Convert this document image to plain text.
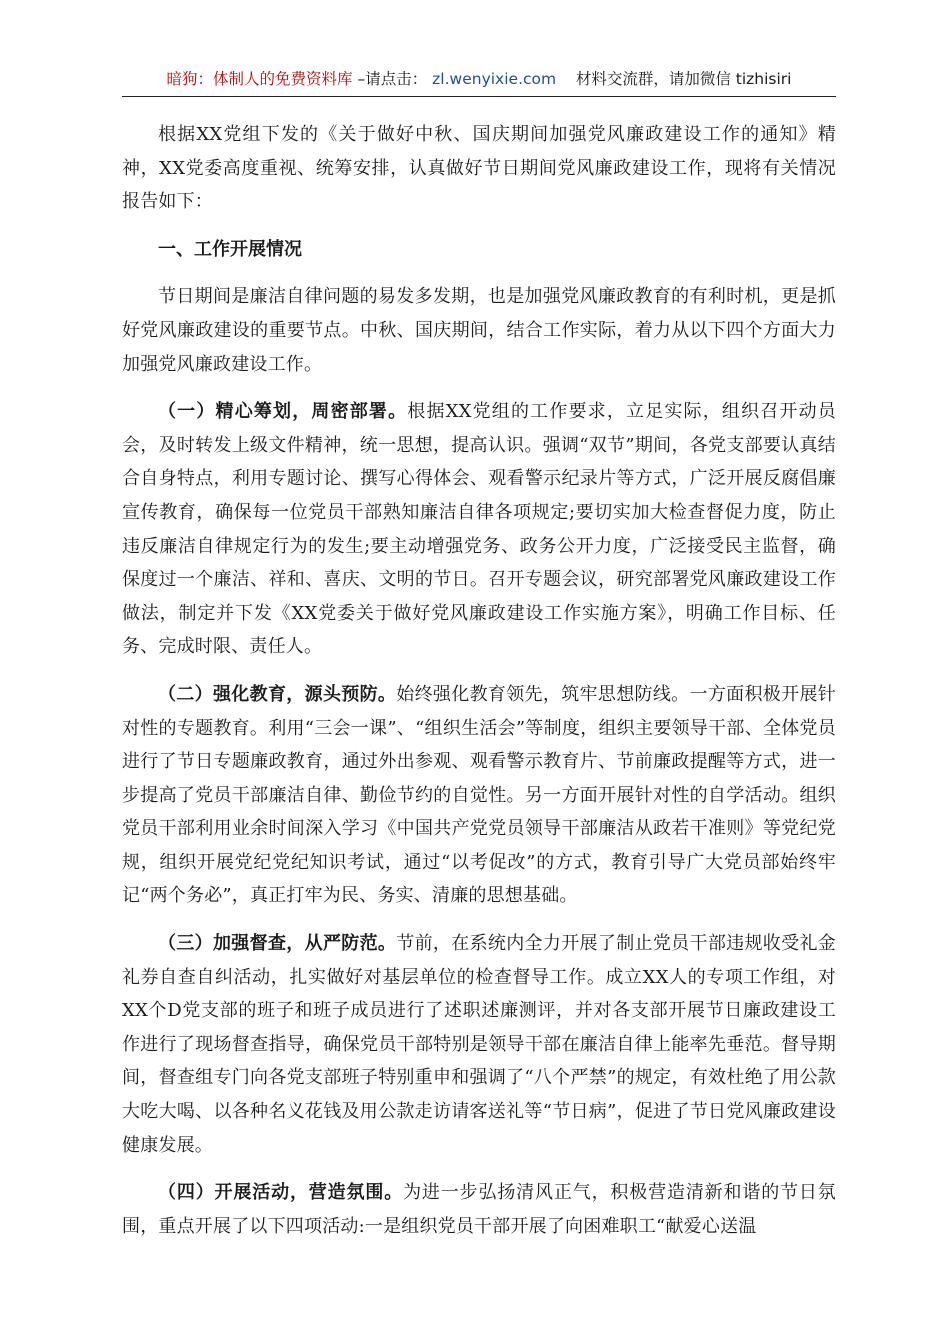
暗狗：体制人的免费资料库 –请点击： zl.wenyixie.com 材料交流群，请加微信 tizhisiri

根据XX党组下发的《关于做好中秋、国庆期间加强党风廉政建设工作的通知》精神，XX党委高度重视、统筹安排，认真做好节日期间党风廉政建设工作，现将有关情况报告如下：

一、工作开展情况

节日期间是廉洁自律问题的易发多发期，也是加强党风廉政教育的有利时机，更是抓好党风廉政建设的重要节点。中秋、国庆期间，结合工作实际，着力从以下四个方面大力加强党风廉政建设工作。

（一）精心筹划，周密部署。根据XX党组的工作要求，立足实际，组织召开动员会，及时转发上级文件精神，统一思想，提高认识。强调“双节”期间，各党支部要认真结合自身特点，利用专题讨论、撰写心得体会、观看警示纪录片等方式，广泛开展反腐倡廉宣传教育，确保每一位党员干部熟知廉洁自律各项规定;要切实加大检查督促力度，防止违反廉洁自律规定行为的发生;要主动增强党务、政务公开力度，广泛接受民主监督，确保度过一个廉洁、祥和、喜庆、文明的节日。召开专题会议，研究部署党风廉政建设工作做法，制定并下发《XX党委关于做好党风廉政建设工作实施方案》，明确工作目标、任务、完成时限、责任人。

（二）强化教育，源头预防。始终强化教育领先，筑牢思想防线。一方面积极开展针对性的专题教育。利用“三会一课”、“组织生活会”等制度，组织主要领导干部、全体党员进行了节日专题廉政教育，通过外出参观、观看警示教育片、节前廉政提醒等方式，进一步提高了党员干部廉洁自律、勤俭节约的自觉性。另一方面开展针对性的自学活动。组织党员干部利用业余时间深入学习《中国共产党党员领导干部廉洁从政若干准则》等党纪党规，组织开展党纪党纪知识考试，通过“以考促改”的方式，教育引导广大党员部始终牢记“两个务必”，真正打牢为民、务实、清廉的思想基础。

（三）加强督查，从严防范。节前，在系统内全力开展了制止党员干部违规收受礼金礼券自查自纠活动，扎实做好对基层单位的检查督导工作。成立XX人的专项工作组，对XX个D党支部的班子和班子成员进行了述职述廉测评，并对各支部开展节日廉政建设工作进行了现场督查指导，确保党员干部特别是领导干部在廉洁自律上能率先垂范。督导期间，督查组专门向各党支部班子特别重申和强调了“八个严禁”的规定，有效杜绝了用公款大吃大喝、以各种名义花钱及用公款走访请客送礼等“节日病”，促进了节日党风廉政建设健康发展。

（四）开展活动，营造氛围。为进一步弘扬清风正气，积极营造清新和谐的节日氛围，重点开展了以下四项活动:一是组织党员干部开展了向困难职工“献爱心送温
